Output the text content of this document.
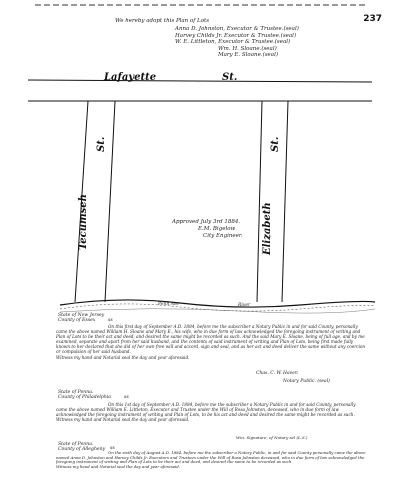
237
We hereby adopt this Plan of Lots
Anna D. Johnston, Executor & Trustee.(seal)
Harvey Childs Jr. Executor & Trustee.(seal)
W. E. Littleton, Executor & Trustee.(seal)
Wm. H. Sloane.(seal)
Mary E. Sloane.(seal)
Lafayette	St.
Tecumseh
St.
Elizabeth
St.
Penn Ave	River
Approved July 3rd 1884.
E.M. Bigelow
City Engineer.
State of New Jersey
County of Essex	ss

On this first day of September A.D. 1884, before me the subscriber a Notary Public in and for said County, personally came the above named William H. Sloane and Mary E., his wife, who in due form of law acknowledged the foregoing instrument of writing and Plan of Lots to be their act and deed, and desired the same might be recorded as such. And the said Mary E. Sloane, being of full age, and by me examined, separate and apart from her said husband, and the contents of said instrument of writing and Plan of Lots, being first made fully known to her declared that she did of her own free will and accord, sign and seal, and as her act and deed deliver the same without any coercion or compulsion of her said husband.

Witness my hand and Notarial seal the day and year aforesaid.

Chas. C. W. Haven
Notary Public. (seal)
State of Penna.
County of Philadelphia	ss

On this 1st day of September A.D. 1884, before me the subscriber a Notary Public in and for said County, personally came the above named William E. Littleton, Executor and Trustee under the Will of Rosa Johnston, deceased, who in due form of law acknowledged the foregoing instrument of writing and Plan of Lots, to be his act and deed and desired the same might be recorded as such.

Witness my hand and Notarial seal the day and year aforesaid.

Wm. Signature, of Notary sel (L.S.)
State of Penna.
County of Allegheny ss

On the sixth day of August A.D. 1884, before me the subscriber a Notary Public, in and for said County personally came the above named Anna D. Johnston and Harvey Childs Jr. Executors and Trustees under the Will of Rosa Johnston deceased, who in due form of law acknowledged the foregoing instrument of writing and Plan of Lots to be their act and deed, and desired the same to be recorded as such.

Witness my hand and Notarial seal the day and year aforesaid.
